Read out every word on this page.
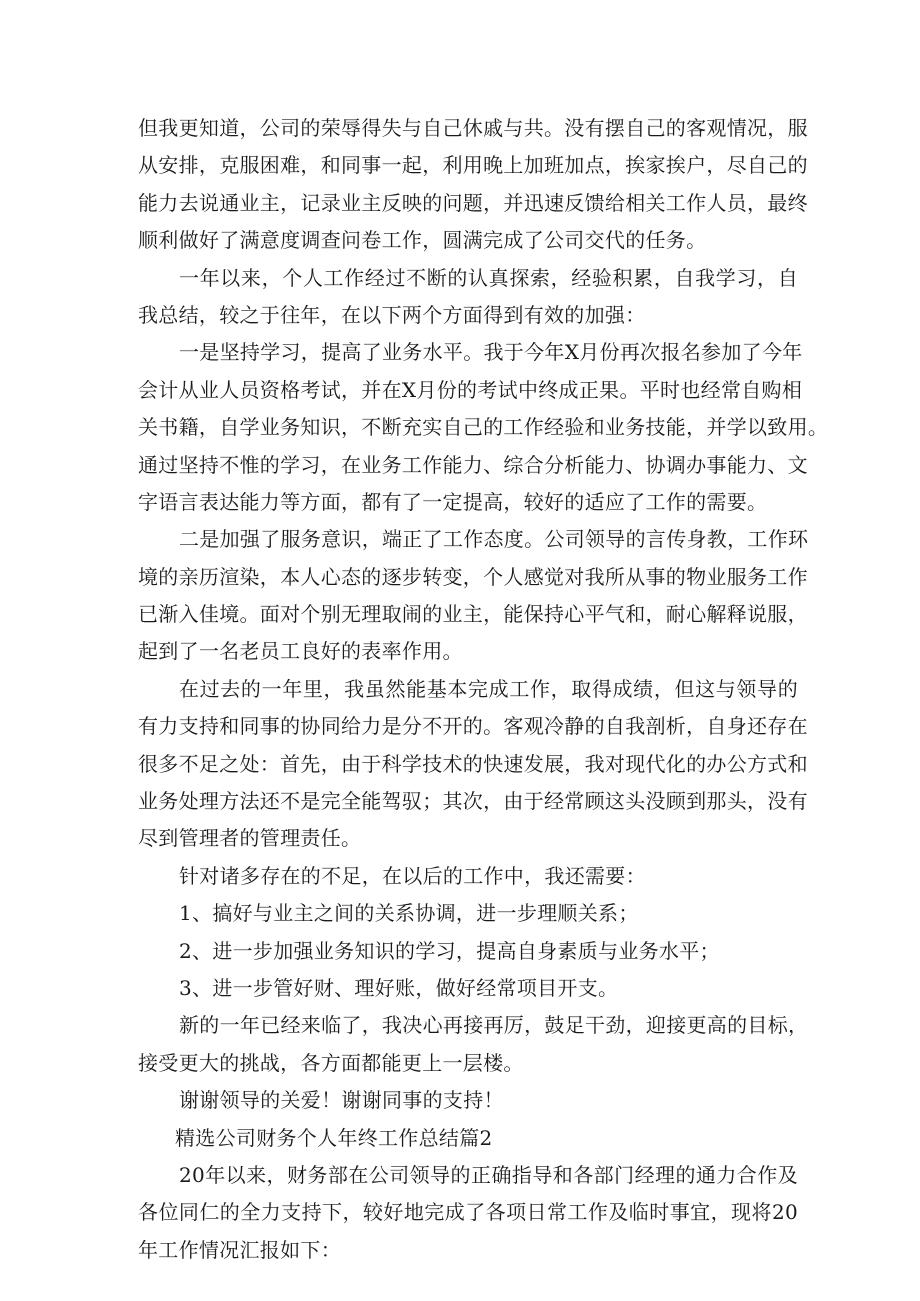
但我更知道，公司的荣辱得失与自己休戚与共。没有摆自己的客观情况，服
从安排，克服困难，和同事一起，利用晚上加班加点，挨家挨户，尽自己的
能力去说通业主，记录业主反映的问题，并迅速反馈给相关工作人员，最终
顺利做好了满意度调查问卷工作，圆满完成了公司交代的任务。
一年以来，个人工作经过不断的认真探索，经验积累，自我学习，自
我总结，较之于往年，在以下两个方面得到有效的加强：
一是坚持学习，提高了业务水平。我于今年X月份再次报名参加了今年
会计从业人员资格考试，并在X月份的考试中终成正果。平时也经常自购相
关书籍，自学业务知识，不断充实自己的工作经验和业务技能，并学以致用。
通过坚持不惟的学习，在业务工作能力、综合分析能力、协调办事能力、文
字语言表达能力等方面，都有了一定提高，较好的适应了工作的需要。
二是加强了服务意识，端正了工作态度。公司领导的言传身教，工作环
境的亲历渲染，本人心态的逐步转变，个人感觉对我所从事的物业服务工作
已渐入佳境。面对个别无理取闹的业主，能保持心平气和，耐心解释说服，
起到了一名老员工良好的表率作用。
在过去的一年里，我虽然能基本完成工作，取得成绩，但这与领导的
有力支持和同事的协同给力是分不开的。客观冷静的自我剖析，自身还存在
很多不足之处：首先，由于科学技术的快速发展，我对现代化的办公方式和
业务处理方法还不是完全能驾驭；其次，由于经常顾这头没顾到那头，没有
尽到管理者的管理责任。
针对诸多存在的不足，在以后的工作中，我还需要：
1、搞好与业主之间的关系协调，进一步理顺关系；
2、进一步加强业务知识的学习，提高自身素质与业务水平；
3、进一步管好财、理好账，做好经常项目开支。
新的一年已经来临了，我决心再接再厉，鼓足干劲，迎接更高的目标，
接受更大的挑战，各方面都能更上一层楼。
谢谢领导的关爱！谢谢同事的支持！
精选公司财务个人年终工作总结篇2
20年以来，财务部在公司领导的正确指导和各部门经理的通力合作及
各位同仁的全力支持下，较好地完成了各项日常工作及临时事宜，现将20
年工作情况汇报如下：
